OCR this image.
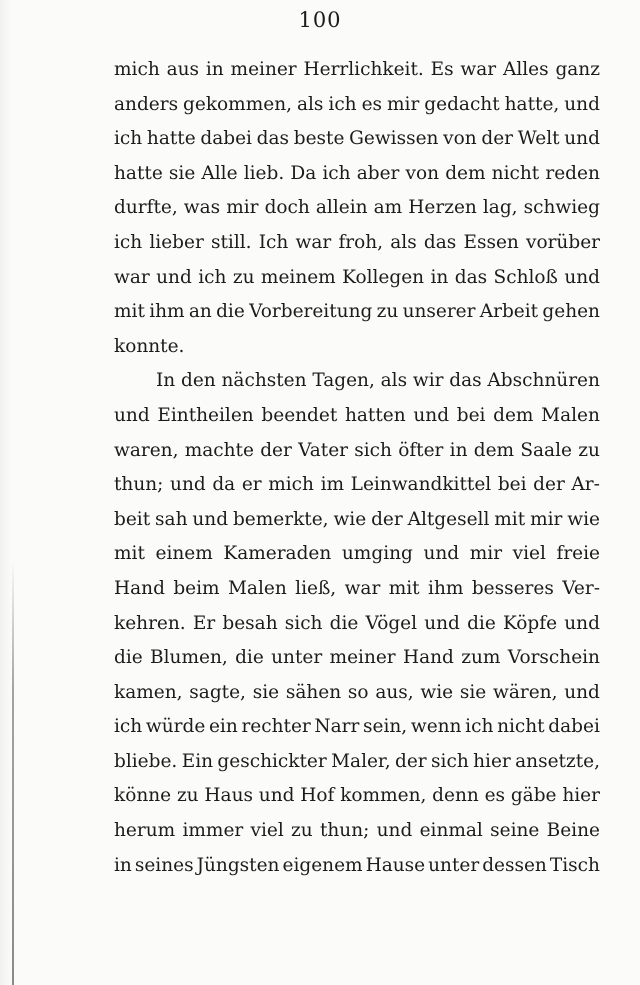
100
mich aus in meiner Herrlichkeit. Es war Alles ganz
anders gekommen, als ich es mir gedacht hatte, und
ich hatte dabei das beste Gewissen von der Welt und
hatte sie Alle lieb. Da ich aber von dem nicht reden
durfte, was mir doch allein am Herzen lag, schwieg
ich lieber still. Ich war froh, als das Essen vorüber
war und ich zu meinem Kollegen in das Schloß und
mit ihm an die Vorbereitung zu unserer Arbeit gehen
konnte.
In den nächsten Tagen, als wir das Abschnüren
und Eintheilen beendet hatten und bei dem Malen
waren, machte der Vater sich öfter in dem Saale zu
thun; und da er mich im Leinwandkittel bei der Ar-
beit sah und bemerkte, wie der Altgesell mit mir wie
mit einem Kameraden umging und mir viel freie
Hand beim Malen ließ, war mit ihm besseres Ver-
kehren. Er besah sich die Vögel und die Köpfe und
die Blumen, die unter meiner Hand zum Vorschein
kamen, sagte, sie sähen so aus, wie sie wären, und
ich würde ein rechter Narr sein, wenn ich nicht dabei
bliebe. Ein geschickter Maler, der sich hier ansetzte,
könne zu Haus und Hof kommen, denn es gäbe hier
herum immer viel zu thun; und einmal seine Beine
in seines Jüngsten eigenem Hause unter dessen Tisch
